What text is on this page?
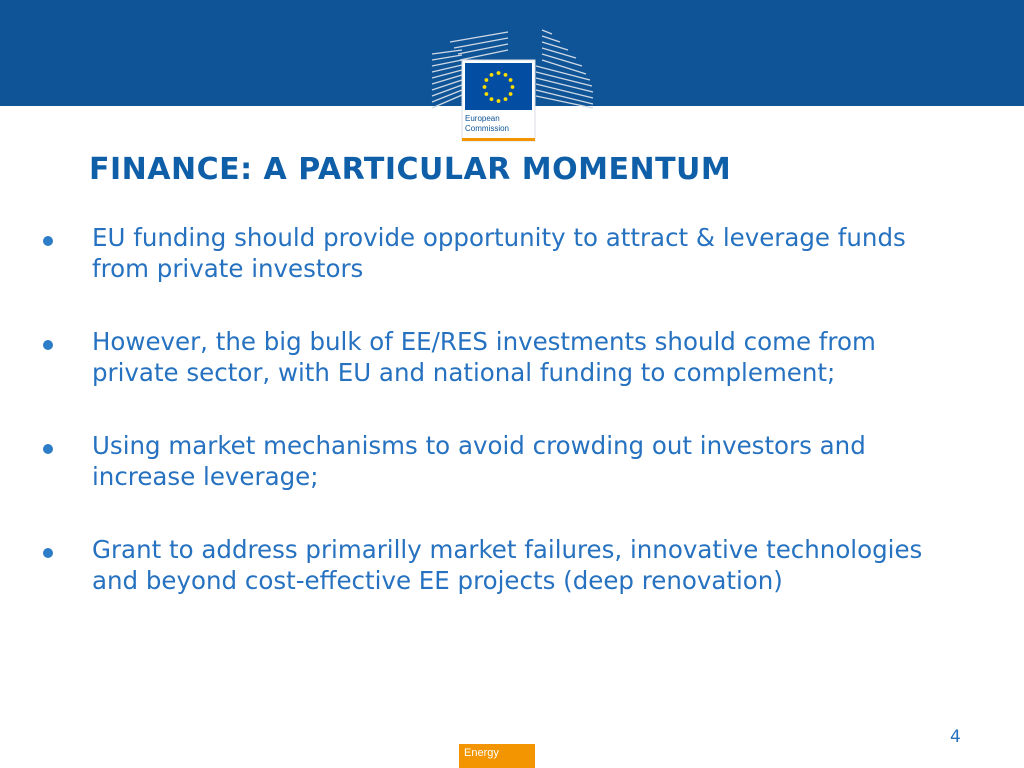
European
Commission
FINANCE: A PARTICULAR MOMENTUM
EU funding should provide opportunity to attract & leverage funds from private investors
However, the big bulk of EE/RES investments should come from private sector, with EU and national funding to complement;
Using market mechanisms to avoid crowding out investors and increase leverage;
Grant to address primarilly market failures, innovative technologies and beyond cost-effective EE projects (deep renovation)
4
Energy
